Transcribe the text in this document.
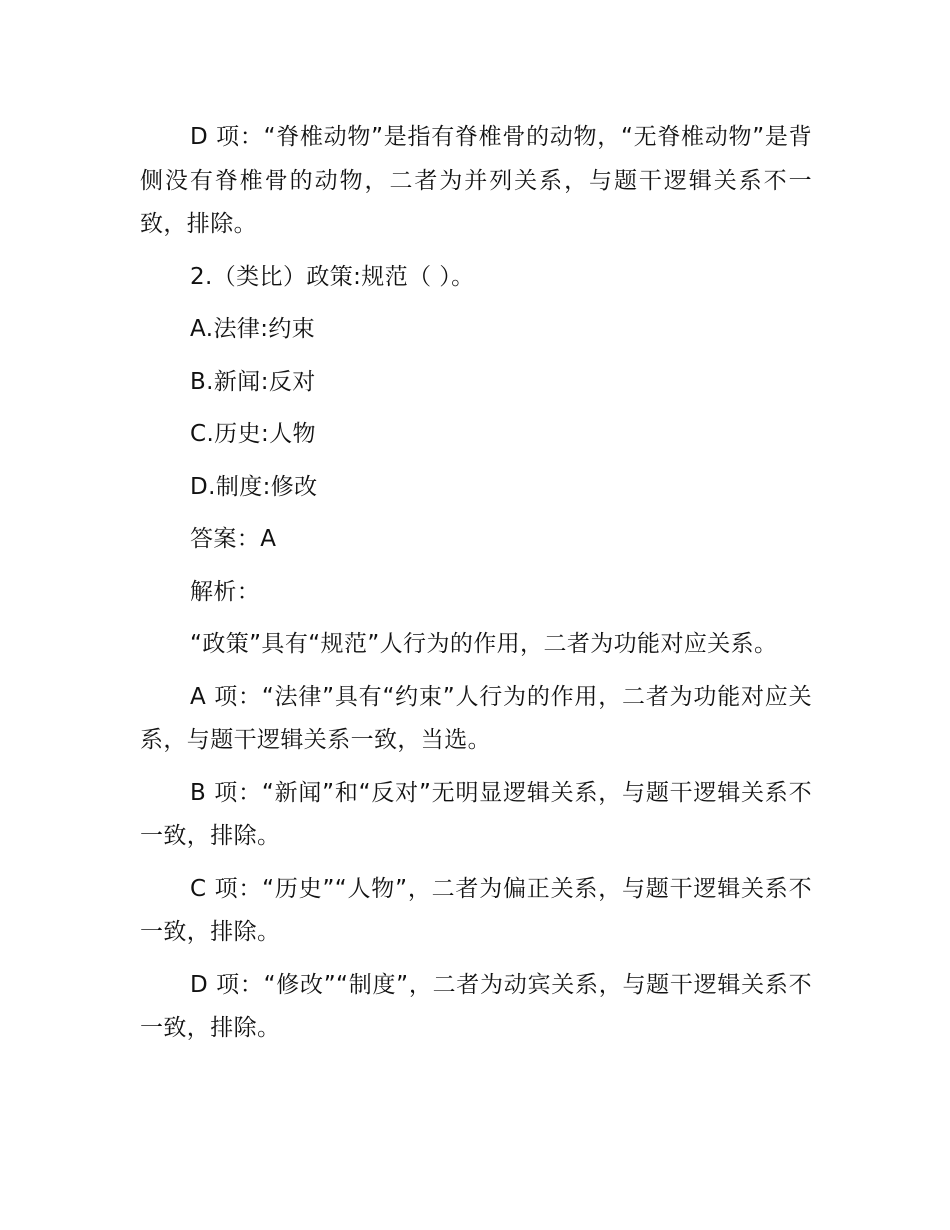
D 项：“脊椎动物”是指有脊椎骨的动物，“无脊椎动物”是背侧没有脊椎骨的动物，二者为并列关系，与题干逻辑关系不一致，排除。

2.（类比）政策:规范（ ）。

A.法律:约束

B.新闻:反对

C.历史:人物

D.制度:修改

答案：A

解析：

“政策”具有“规范”人行为的作用，二者为功能对应关系。

A 项：“法律”具有“约束”人行为的作用，二者为功能对应关系，与题干逻辑关系一致，当选。

B 项：“新闻”和“反对”无明显逻辑关系，与题干逻辑关系不一致，排除。

C 项：“历史”“人物”，二者为偏正关系，与题干逻辑关系不一致，排除。

D 项：“修改”“制度”，二者为动宾关系，与题干逻辑关系不一致，排除。
